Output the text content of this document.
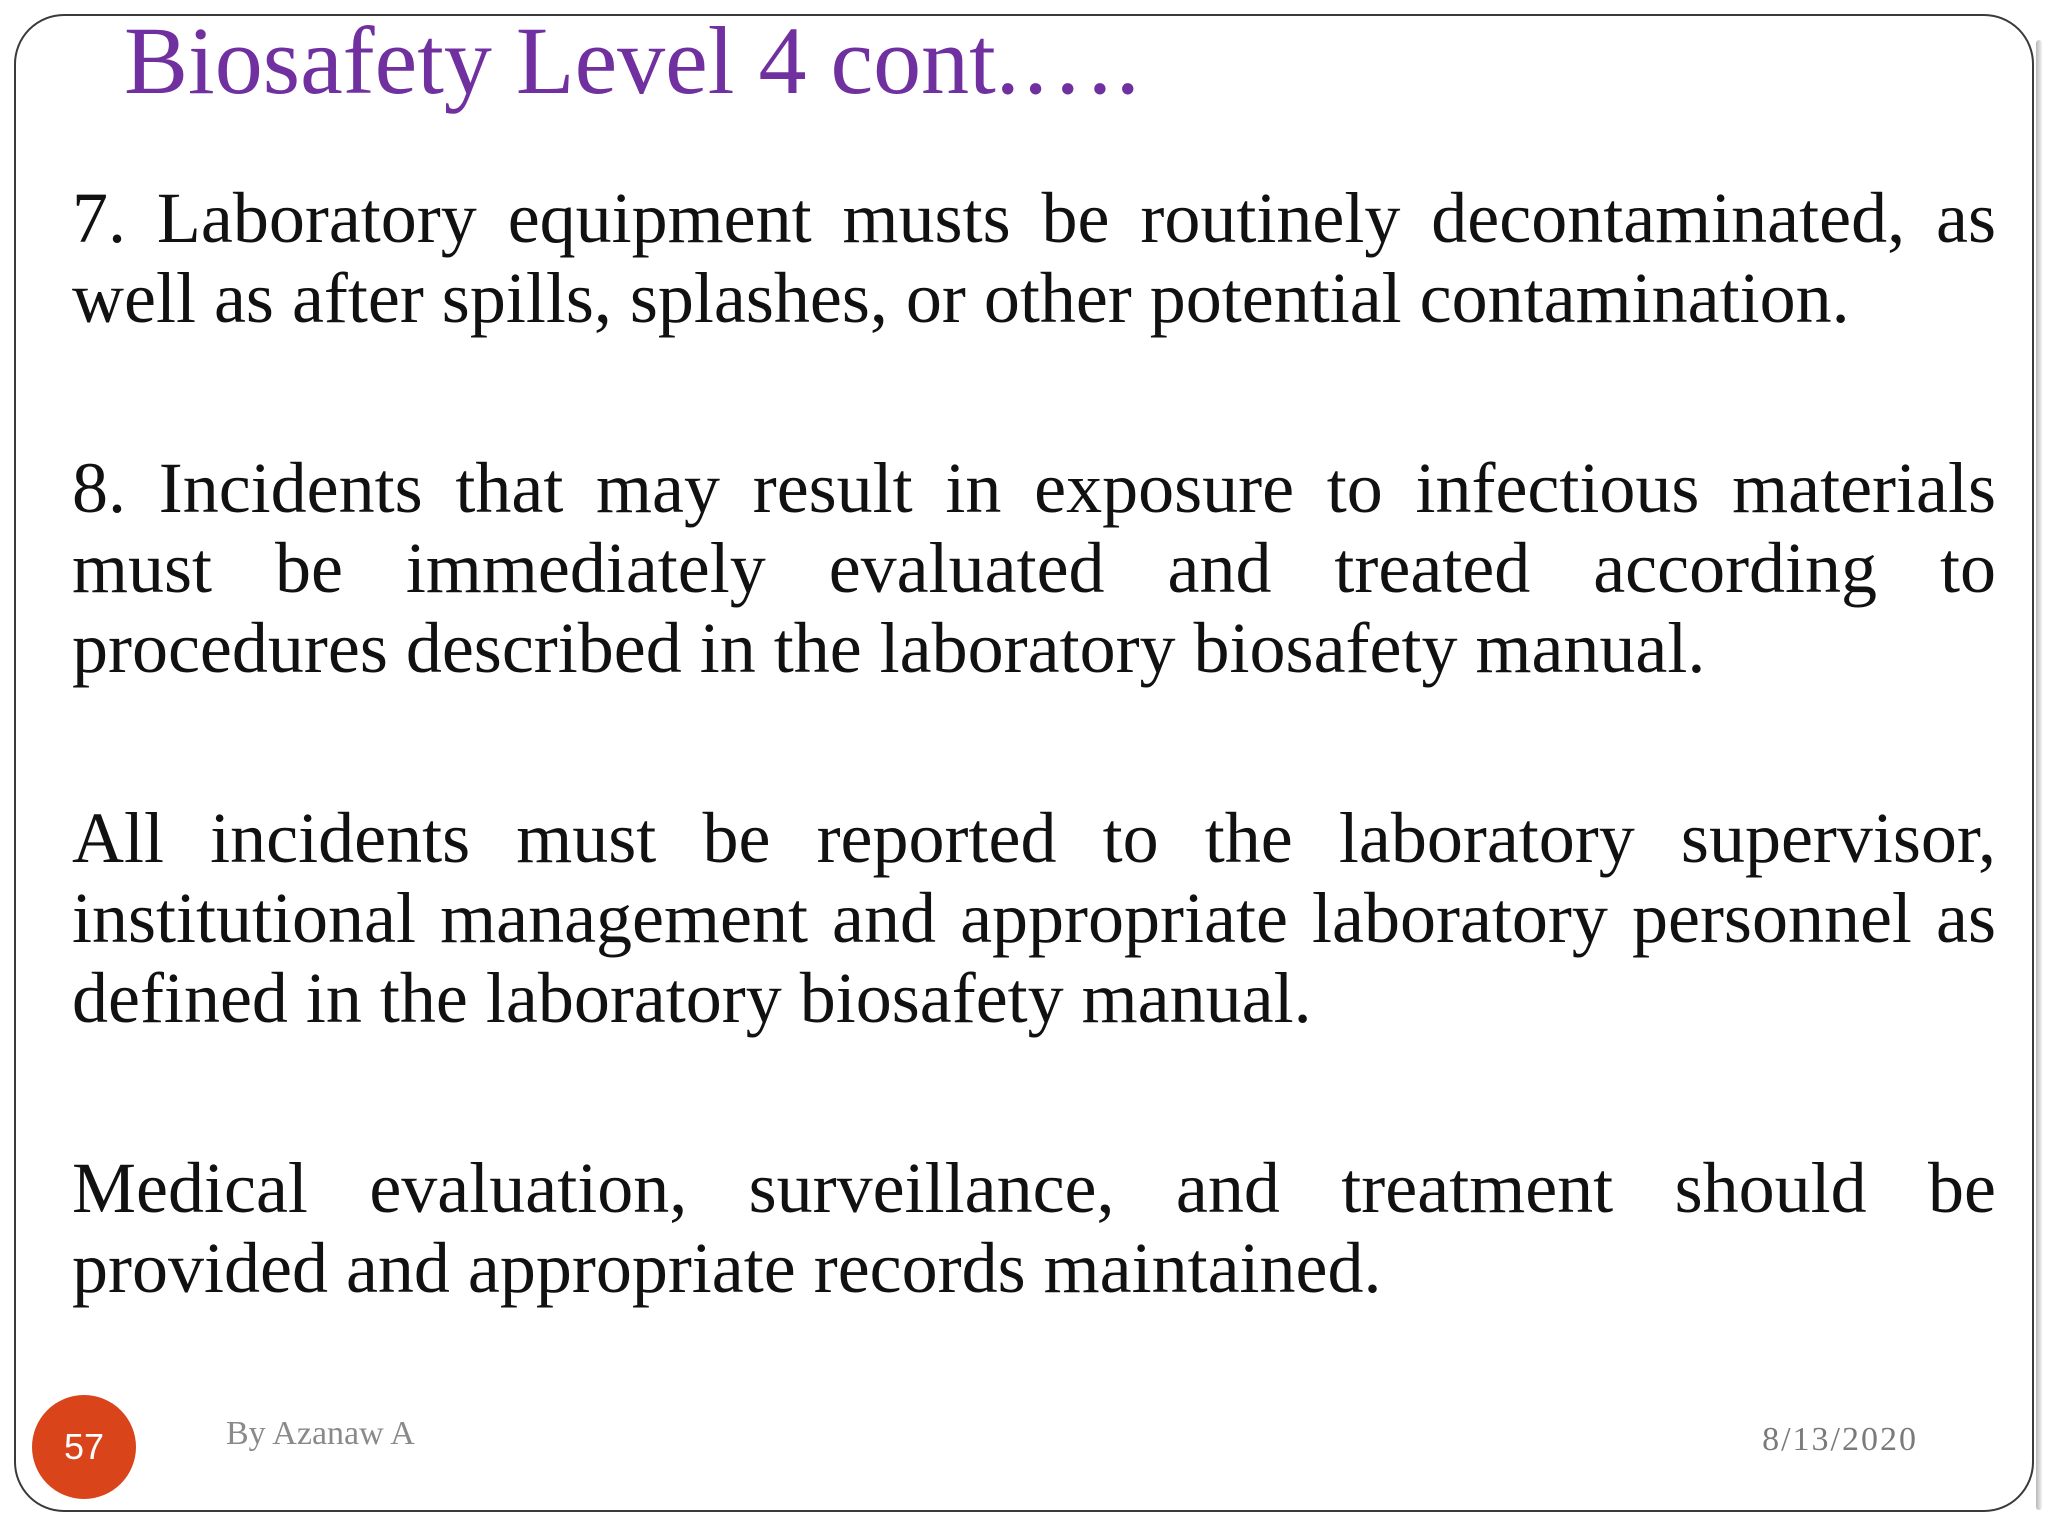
Biosafety Level 4 cont.….

7. Laboratory equipment musts be routinely decontaminated, as well as after spills, splashes, or other potential contamination.

8. Incidents that may result in exposure to infectious materials must be immediately evaluated and treated according to procedures described in the laboratory biosafety manual.

All incidents must be reported to the laboratory supervisor, institutional management and appropriate laboratory personnel as defined in the laboratory biosafety manual.

Medical evaluation, surveillance, and treatment should be provided and appropriate records maintained.

57	By Azanaw A	8/13/2020
